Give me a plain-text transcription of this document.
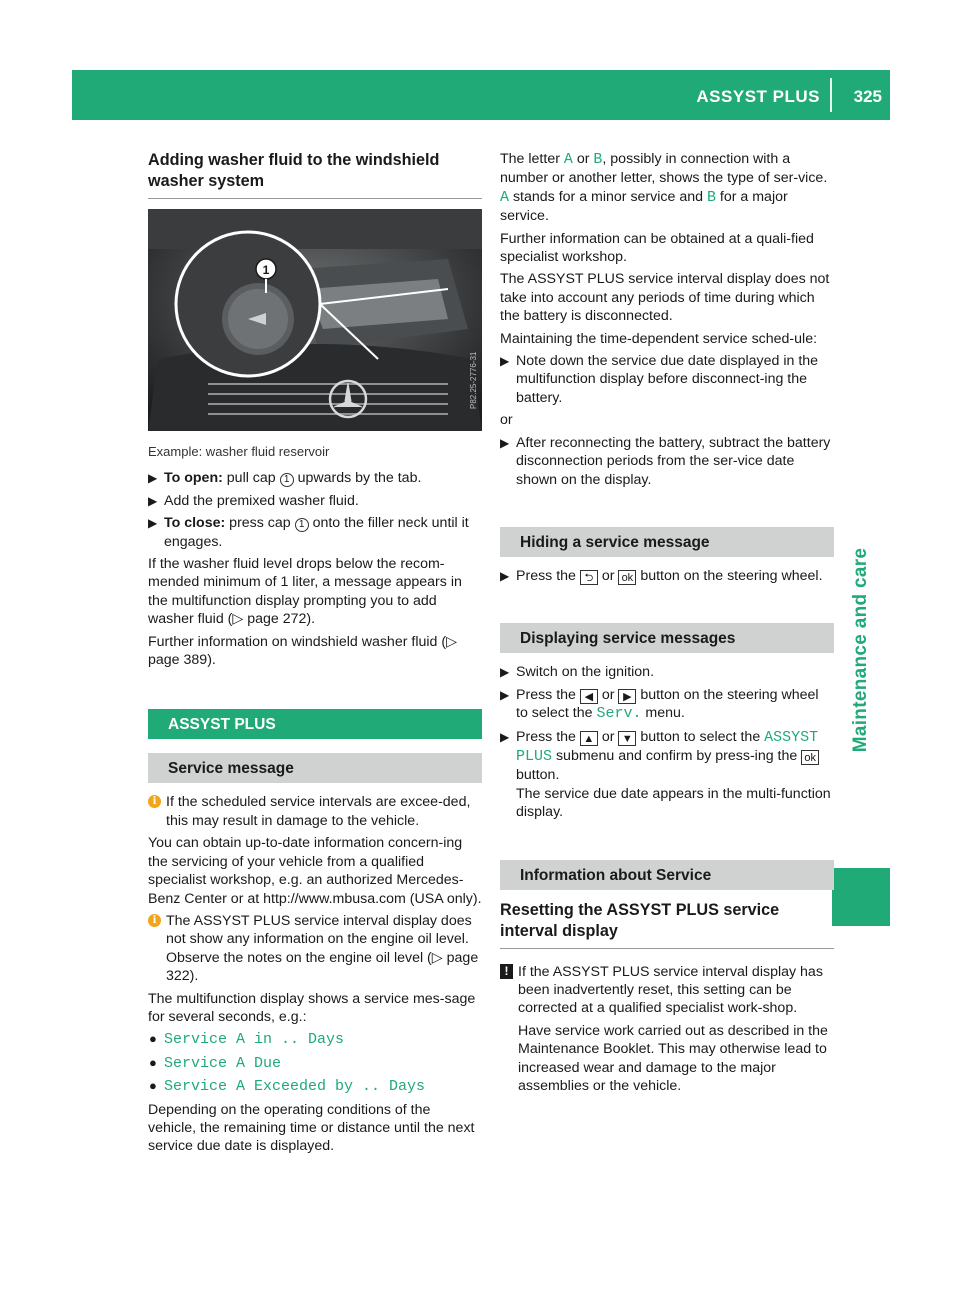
ASSYST PLUS 325
Maintenance and care
Adding washer fluid to the windshield
washer system
1
P82.25-2776-31
Example: washer fluid reservoir
▶ To open: pull cap 1 upwards by the tab.
▶ Add the premixed washer fluid.
▶ To close: press cap 1 onto the filler neck until it engages.

If the washer fluid level drops below the recom-mended minimum of 1 liter, a message appears in the multifunction display prompting you to add washer fluid (▷ page 272).

Further information on windshield washer fluid (▷ page 389).

ASSYST PLUS
Service message
i If the scheduled service intervals are excee-ded, this may result in damage to the vehicle.

You can obtain up-to-date information concern-ing the servicing of your vehicle from a qualified specialist workshop, e.g. an authorized Mercedes-Benz Center or at http://www.mbusa.com (USA only).

i The ASSYST PLUS service interval display does not show any information on the engine oil level. Observe the notes on the engine oil level (▷ page 322).

The multifunction display shows a service mes-sage for several seconds, e.g.:

● Service A in .. Days
● Service A Due
● Service A Exceeded by .. Days

Depending on the operating conditions of the vehicle, the remaining time or distance until the next service due date is displayed.

The letter A or B, possibly in connection with a number or another letter, shows the type of ser-vice. A stands for a minor service and B for a major service.

Further information can be obtained at a quali-fied specialist workshop.

The ASSYST PLUS service interval display does not take into account any periods of time during which the battery is disconnected.

Maintaining the time-dependent service sched-ule:

▶ Note down the service due date displayed in the multifunction display before disconnect-ing the battery.

or

▶ After reconnecting the battery, subtract the battery disconnection periods from the ser-vice date shown on the display.
Hiding a service message
▶ Press the ⮌ or ok button on the steering wheel.
Displaying service messages
▶ Switch on the ignition.
▶ Press the ◀ or ▶ button on the steering wheel to select the Serv. menu.
▶ Press the ▲ or ▼ button to select the ASSYST PLUS submenu and confirm by press-ing the ok button.
The service due date appears in the multi-function display.
Information about Service
Resetting the ASSYST PLUS service
interval display
! If the ASSYST PLUS service interval display has been inadvertently reset, this setting can be corrected at a qualified specialist work-shop.
Have service work carried out as described in the Maintenance Booklet. This may otherwise lead to increased wear and damage to the major assemblies or the vehicle.
